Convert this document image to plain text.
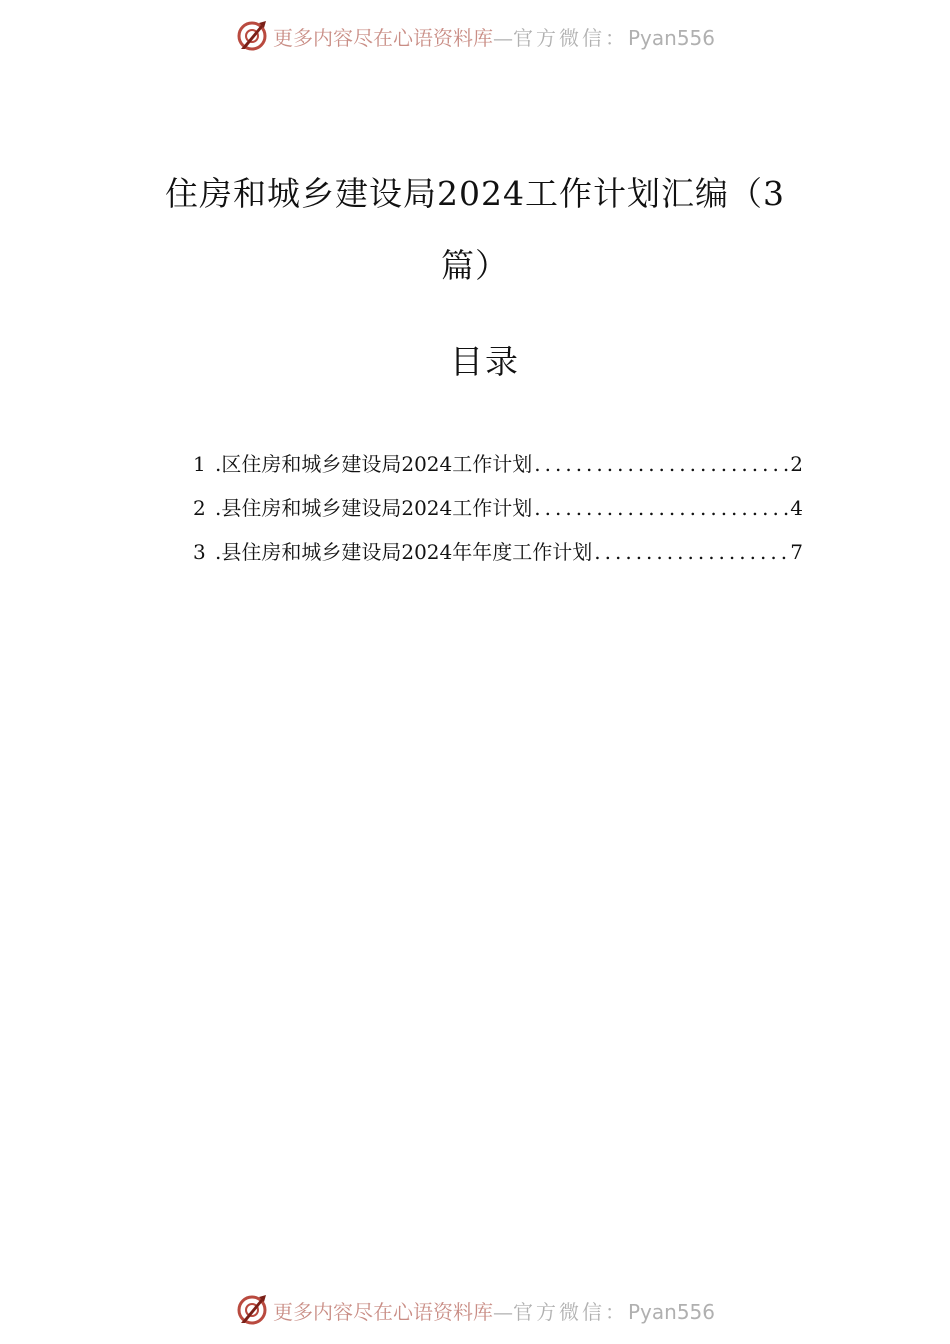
更多内容尽在心语资料库—官方微信：Pyan556
住房和城乡建设局2024工作计划汇编（3篇）
目录
1 .区住房和城乡建设局2024工作计划 .....	2
2 .县住房和城乡建设局2024工作计划 .....	4
3 .县住房和城乡建设局2024年年度工作计划 .....	7
更多内容尽在心语资料库—官方微信：Pyan556
